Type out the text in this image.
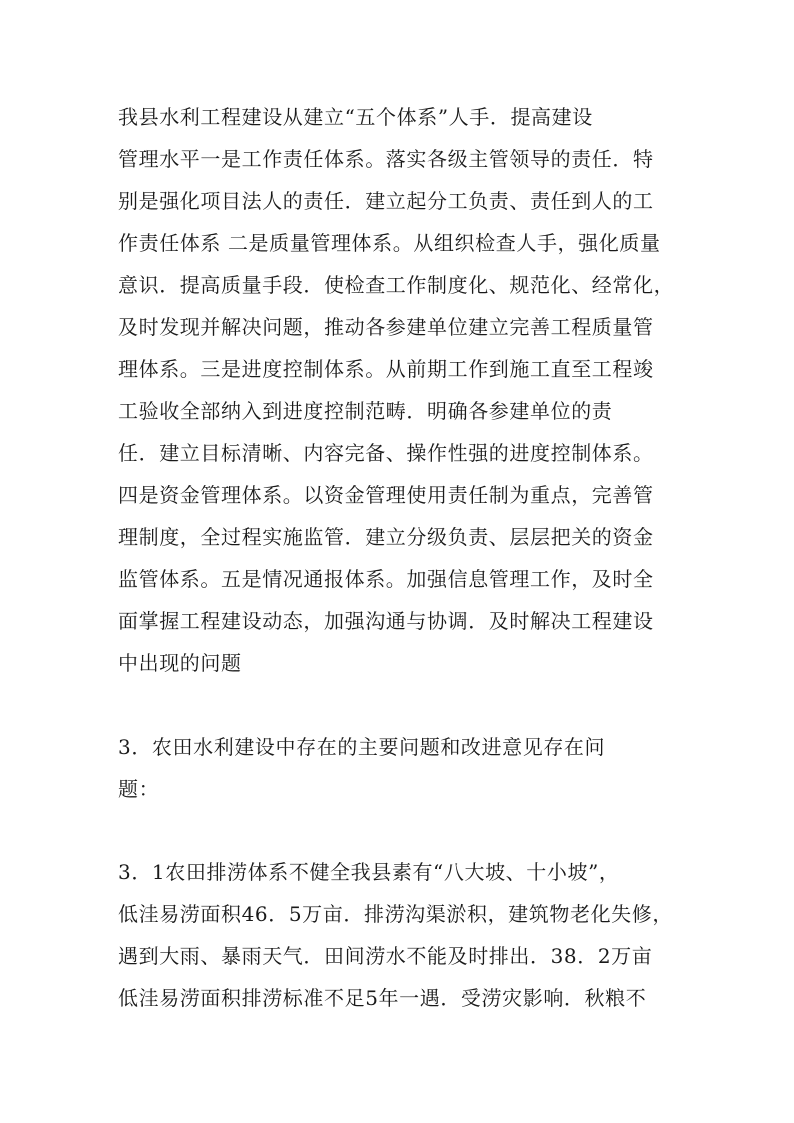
我县水利工程建设从建立“五个体系”人手．提高建设
管理水平一是工作责任体系。落实各级主管领导的责任．特
别是强化项目法人的责任．建立起分工负责、责任到人的工
作责任体系 二是质量管理体系。从组织检查人手，强化质量
意识．提高质量手段．使检查工作制度化、规范化、经常化，
及时发现并解决问题，推动各参建单位建立完善工程质量管
理体系。三是进度控制体系。从前期工作到施工直至工程竣
工验收全部纳入到进度控制范畴．明确各参建单位的责
任．建立目标清晰、内容完备、操作性强的进度控制体系。
四是资金管理体系。以资金管理使用责任制为重点，完善管
理制度，全过程实施监管．建立分级负责、层层把关的资金
监管体系。五是情况通报体系。加强信息管理工作，及时全
面掌握工程建设动态，加强沟通与协调．及时解决工程建设
中出现的问题
3．农田水利建设中存在的主要问题和改进意见存在问
题：
3．1农田排涝体系不健全我县素有“八大坡、十小坡”，
低洼易涝面积46．5万亩．排涝沟渠淤积，建筑物老化失修，
遇到大雨、暴雨天气．田间涝水不能及时排出．38．2万亩
低洼易涝面积排涝标准不足5年一遇．受涝灾影响．秋粮不
